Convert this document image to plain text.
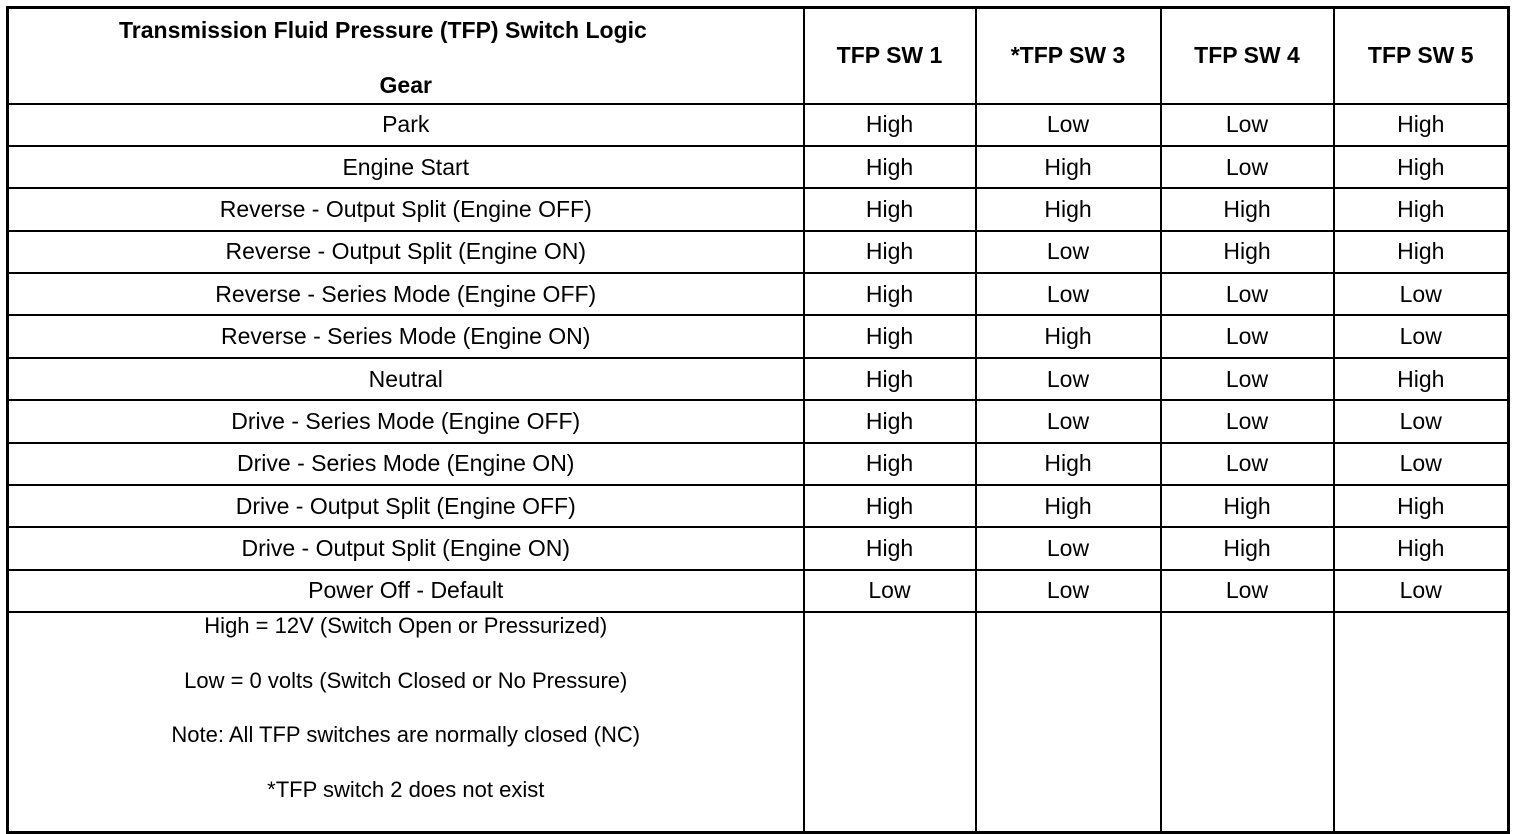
Transmission Fluid Pressure (TFP) Switch Logic
Gear	TFP SW 1	*TFP SW 3	TFP SW 4	TFP SW 5
Park	High	Low	Low	High
Engine Start	High	High	Low	High
Reverse - Output Split (Engine OFF)	High	High	High	High
Reverse - Output Split (Engine ON)	High	Low	High	High
Reverse - Series Mode (Engine OFF)	High	Low	Low	Low
Reverse - Series Mode (Engine ON)	High	High	Low	Low
Neutral	High	Low	Low	High
Drive - Series Mode (Engine OFF)	High	Low	Low	Low
Drive - Series Mode (Engine ON)	High	High	Low	Low
Drive - Output Split (Engine OFF)	High	High	High	High
Drive - Output Split (Engine ON)	High	Low	High	High
Power Off - Default	Low	Low	Low	Low

High = 12V (Switch Open or Pressurized)
Low = 0 volts (Switch Closed or No Pressure)
Note: All TFP switches are normally closed (NC)
*TFP switch 2 does not exist				
